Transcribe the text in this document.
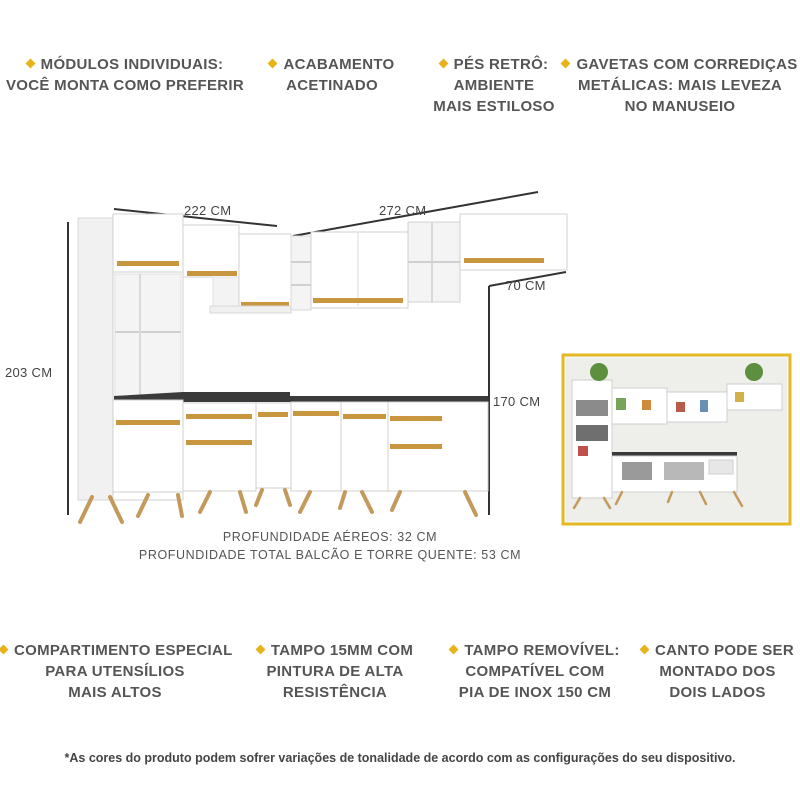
MÓDULOS INDIVIDUAIS:
VOCÊ MONTA COMO PREFERIR
ACABAMENTO
ACETINADO
PÉS RETRÔ:
AMBIENTE
MAIS ESTILOSO
GAVETAS COM CORREDIÇAS
METÁLICAS: MAIS LEVEZA
NO MANUSEIO
222 CM	272 CM
70 CM
203 CM
170 CM
PROFUNDIDADE AÉREOS: 32 CM
PROFUNDIDADE TOTAL BALCÃO E TORRE QUENTE: 53 CM
COMPARTIMENTO ESPECIAL
PARA UTENSÍLIOS
MAIS ALTOS
TAMPO 15MM COM
PINTURA DE ALTA
RESISTÊNCIA
TAMPO REMOVÍVEL:
COMPATÍVEL COM
PIA DE INOX 150 CM
CANTO PODE SER
MONTADO DOS
DOIS LADOS
*As cores do produto podem sofrer variações de tonalidade de acordo com as configurações do seu dispositivo.
